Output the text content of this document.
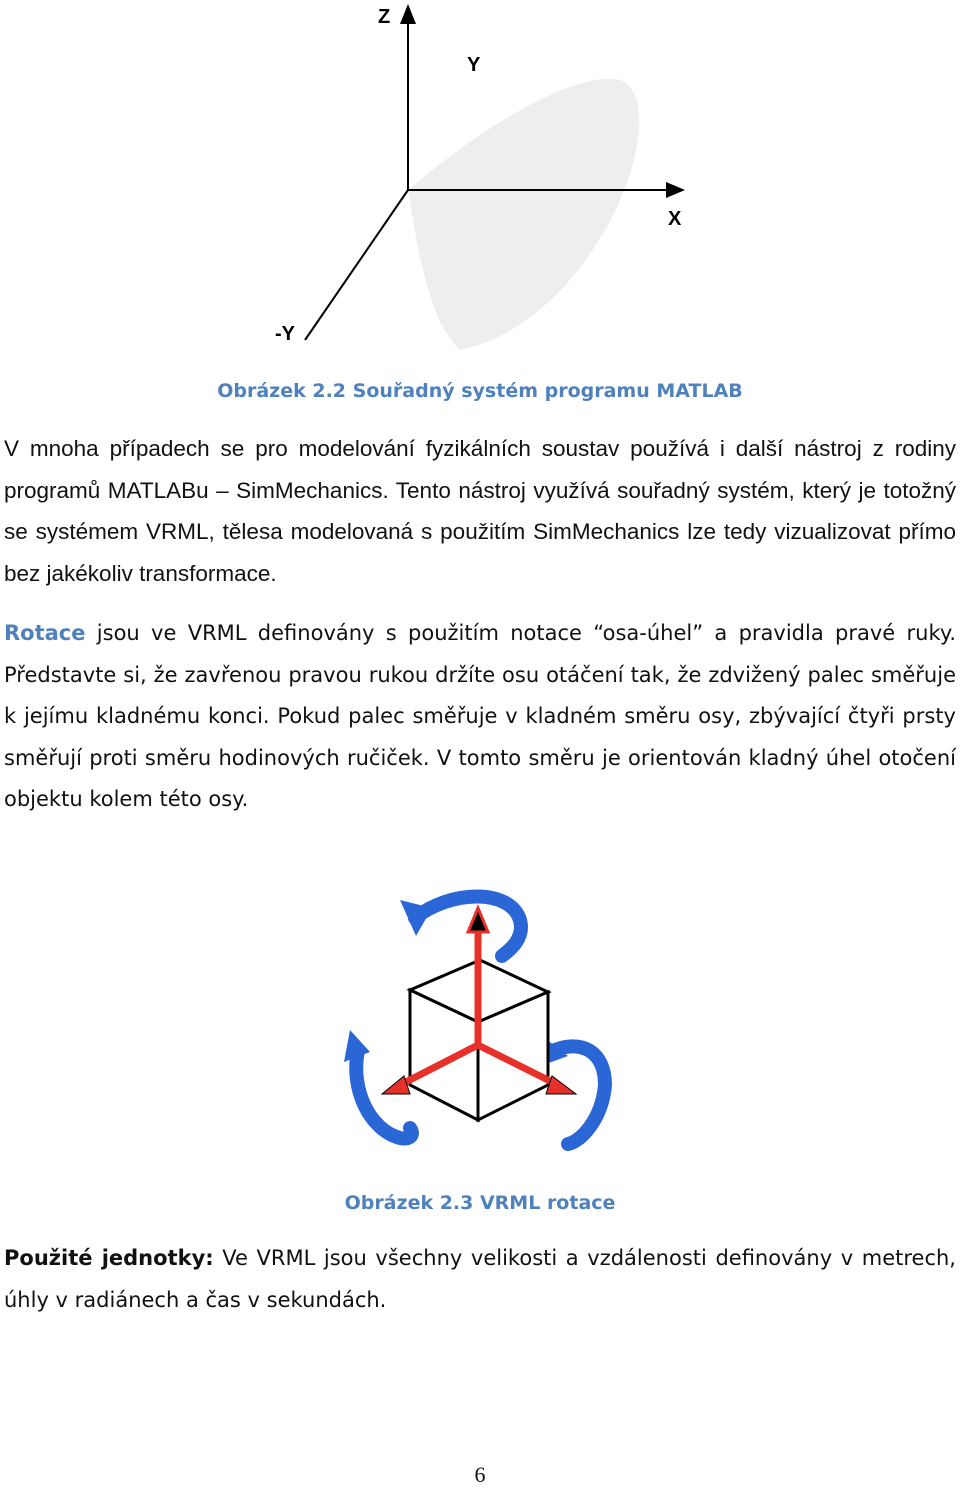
Z
Y
X
-Y
Obrázek 2.2 Souřadný systém programu MATLAB

V mnoha případech se pro modelování fyzikálních soustav používá i další nástroj z rodiny programů MATLABu – SimMechanics. Tento nástroj využívá souřadný systém, který je totožný se systémem VRML, tělesa modelovaná s použitím SimMechanics lze tedy vizualizovat přímo bez jakékoliv transformace.

Rotace jsou ve VRML definovány s použitím notace “osa-úhel” a pravidla pravé ruky. Představte si, že zavřenou pravou rukou držíte osu otáčení tak, že zdvižený palec směřuje k jejímu kladnému konci. Pokud palec směřuje v kladném směru osy, zbývající čtyři prsty směřují proti směru hodinových ručiček. V tomto směru je orientován kladný úhel otočení objektu kolem této osy.

Obrázek 2.3 VRML rotace

Použité jednotky: Ve VRML jsou všechny velikosti a vzdálenosti definovány v metrech, úhly v radiánech a čas v sekundách.

6
